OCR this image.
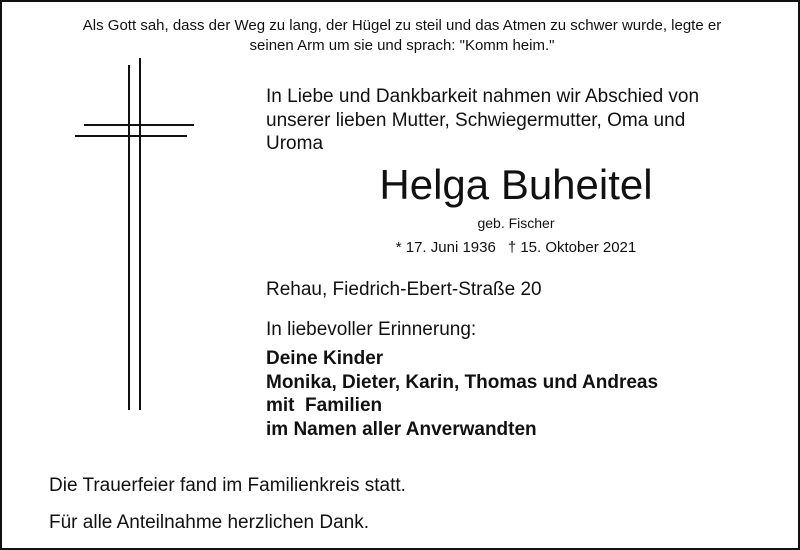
Als Gott sah, dass der Weg zu lang, der Hügel zu steil und das Atmen zu schwer wurde, legte er
seinen Arm um sie und sprach: "Komm heim."
In Liebe und Dankbarkeit nahmen wir Abschied von
unserer lieben Mutter, Schwiegermutter, Oma und
Uroma
Helga Buheitel
geb. Fischer
* 17. Juni 1936 † 15. Oktober 2021
Rehau, Fiedrich-Ebert-Straße 20
In liebevoller Erinnerung:
Deine Kinder
Monika, Dieter, Karin, Thomas und Andreas
mit  Familien
im Namen aller Anverwandten
Die Trauerfeier fand im Familienkreis statt.
Für alle Anteilnahme herzlichen Dank.
